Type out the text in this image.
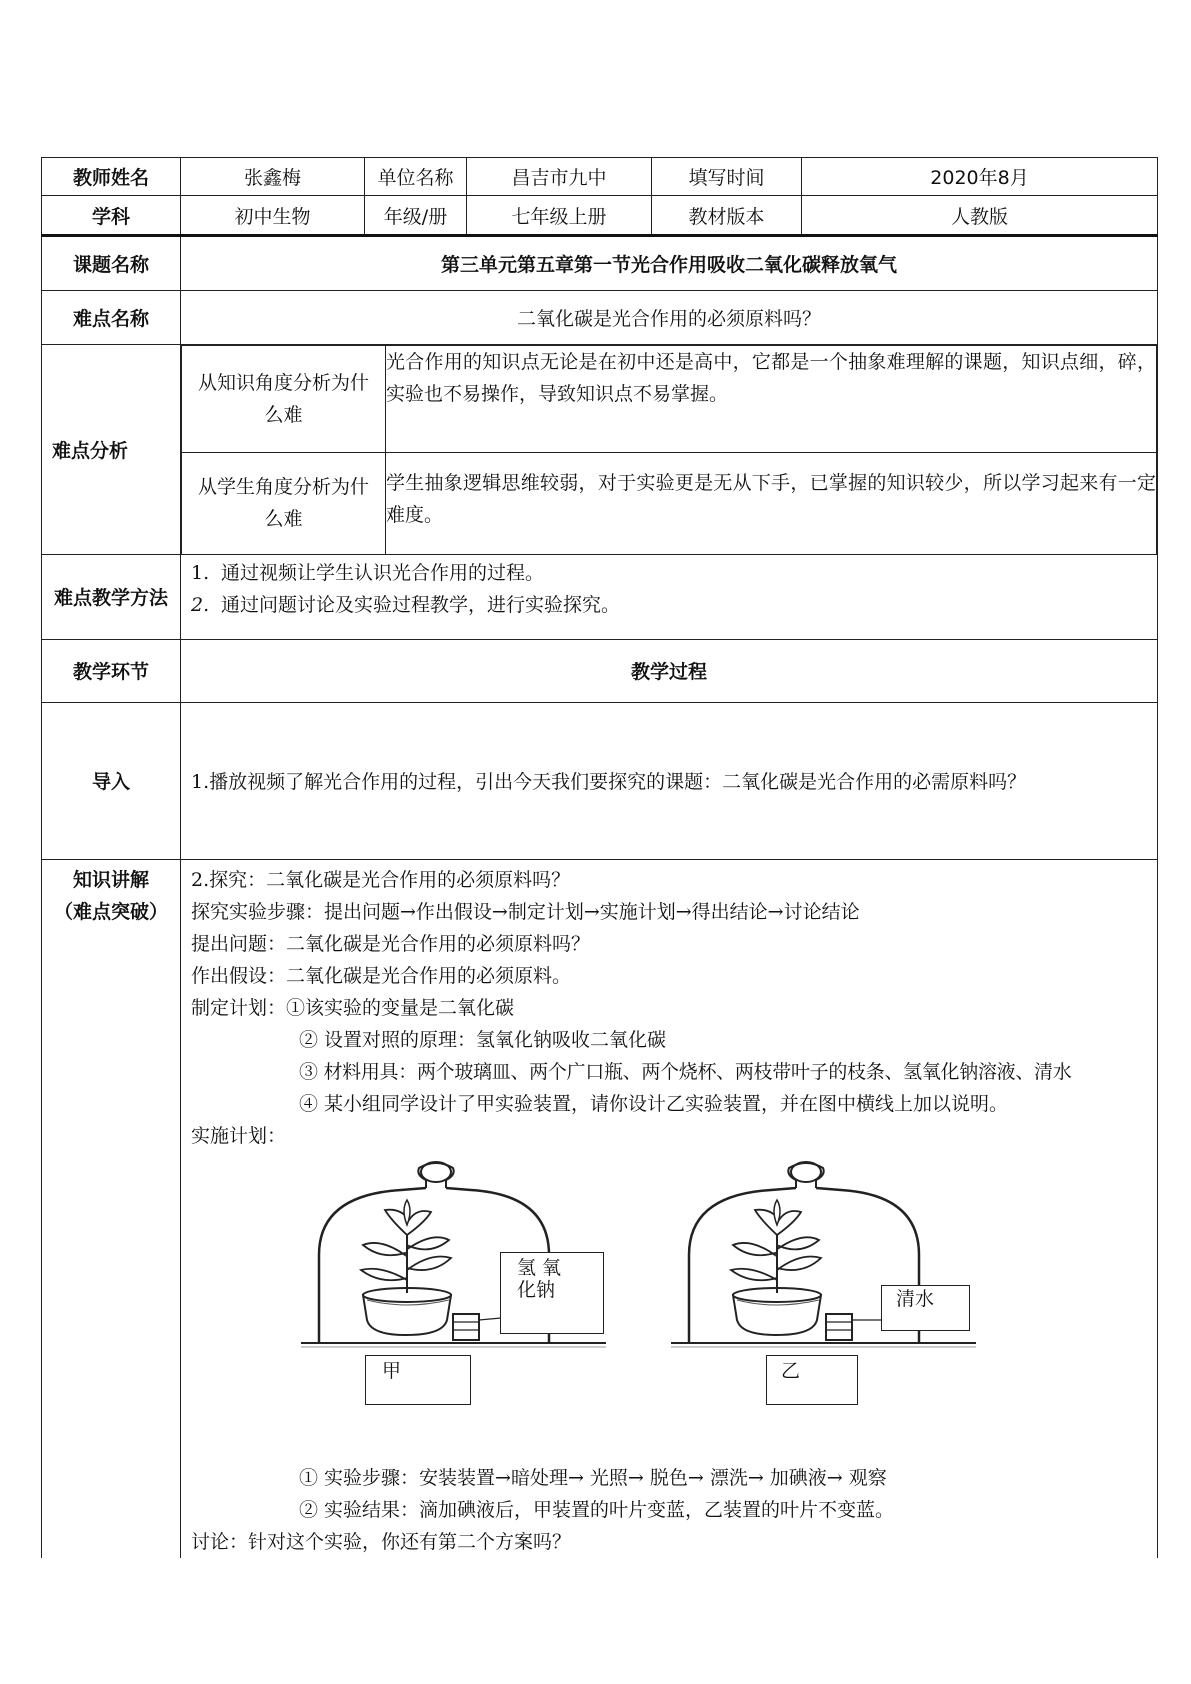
教师姓名	张鑫梅	单位名称	昌吉市九中	填写时间	2020年8月
学科	初中生物	年级/册	七年级上册	教材版本	人教版
课题名称	第三单元第五章第一节光合作用吸收二氧化碳释放氧气
难点名称	二氧化碳是光合作用的必须原料吗？
难点分析	
从知识角度分析为什么难	光合作用的知识点无论是在初中还是高中，它都是一个抽象难理解的课题，知识点细，碎，实验也不易操作，导致知识点不易掌握。
从学生角度分析为什么难	学生抽象逻辑思维较弱，对于实验更是无从下手，已掌握的知识较少，所以学习起来有一定难度。

难点教学方法	
1. 通过视频让学生认识光合作用的过程。
2. 通过问题讨论及实验过程教学，进行实验探究。

教学环节	教学过程
导入	1.播放视频了解光合作用的过程，引出今天我们要探究的课题：二氧化碳是光合作用的必需原料吗？

知识讲解
（难点突破）

2.探究：二氧化碳是光合作用的必须原料吗？
探究实验步骤：提出问题→作出假设→制定计划→实施计划→得出结论→讨论结论
提出问题：二氧化碳是光合作用的必须原料吗？
作出假设：二氧化碳是光合作用的必须原料。
制定计划：①该实验的变量是二氧化碳
② 设置对照的原理：氢氧化钠吸收二氧化碳
③ 材料用具：两个玻璃皿、两个广口瓶、两个烧杯、两枝带叶子的枝条、氢氧化钠溶液、清水
④ 某小组同学设计了甲实验装置，请你设计乙实验装置，并在图中横线上加以说明。
实施计划：
氢 氧
化钠
甲
清水
乙
① 实验步骤：安装装置→暗处理→ 光照→ 脱色→ 漂洗→ 加碘液→ 观察
② 实验结果：滴加碘液后，甲装置的叶片变蓝，乙装置的叶片不变蓝。
讨论：针对这个实验，你还有第二个方案吗？
